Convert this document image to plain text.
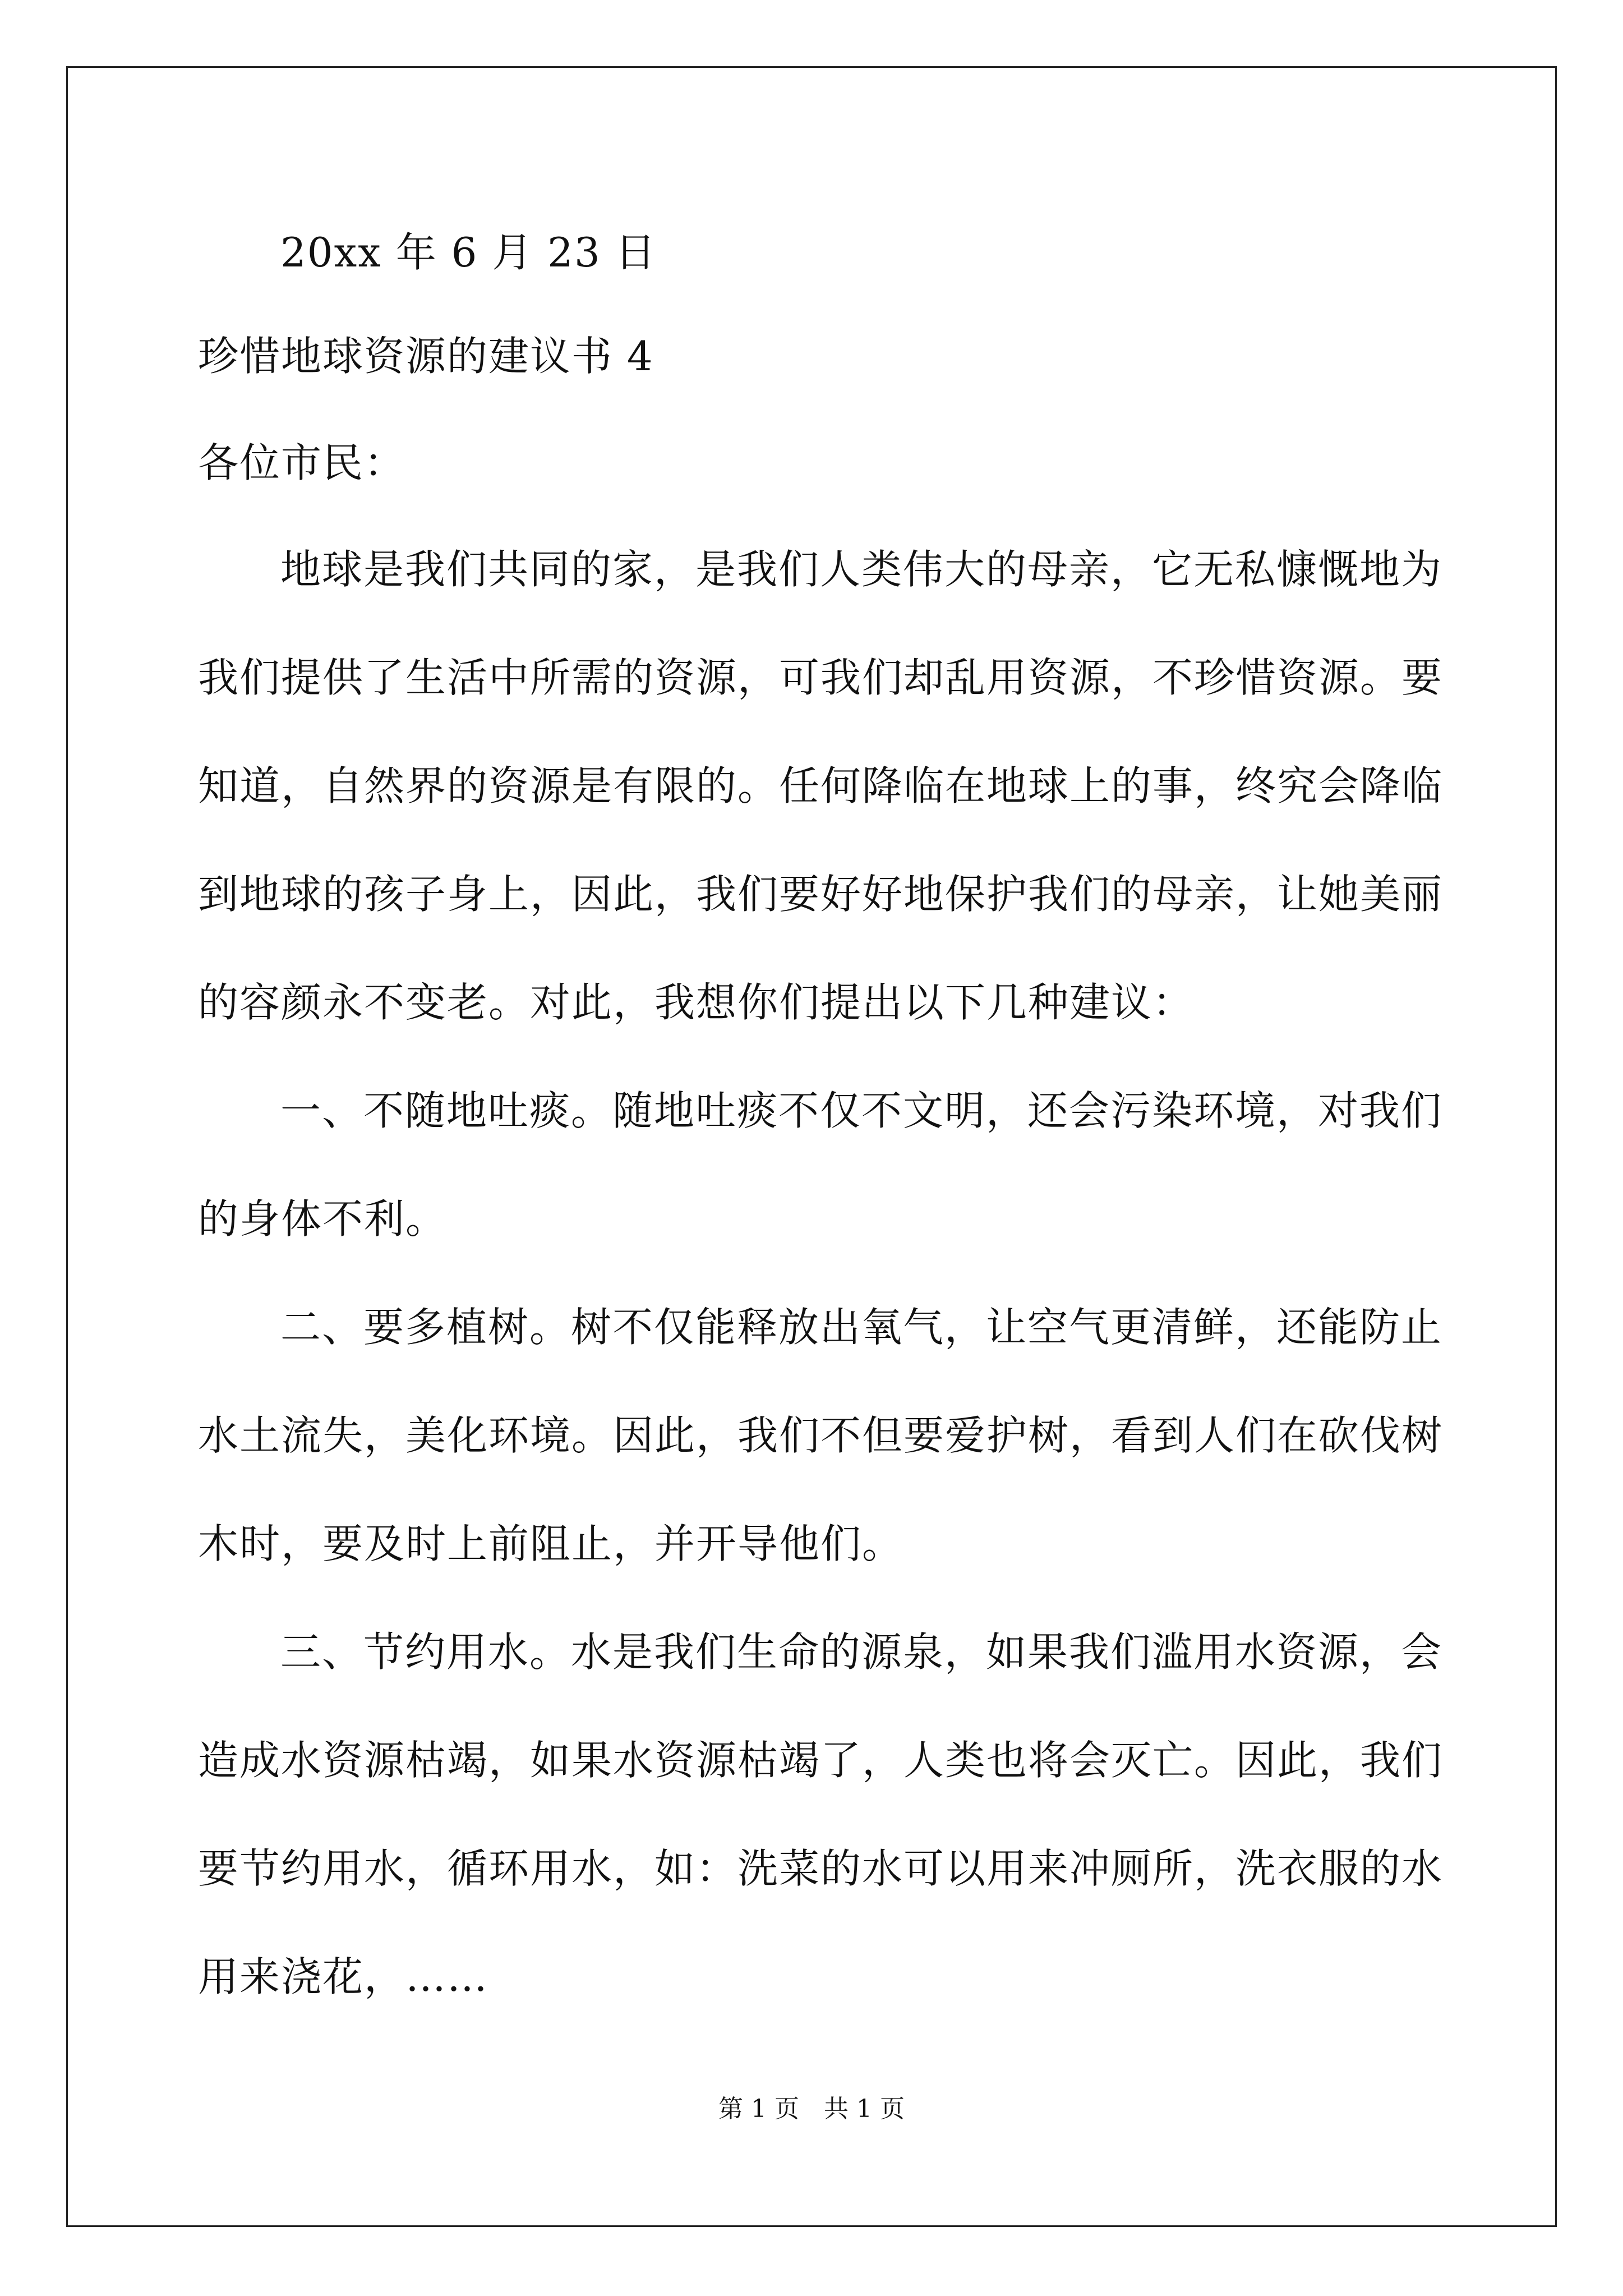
20xx 年 6 月 23 日
珍惜地球资源的建议书 4
各位市民：
地球是我们共同的家，是我们人类伟大的母亲，它无私慷慨地为
我们提供了生活中所需的资源，可我们却乱用资源，不珍惜资源。要
知道，自然界的资源是有限的。任何降临在地球上的事，终究会降临
到地球的孩子身上，因此，我们要好好地保护我们的母亲，让她美丽
的容颜永不变老。对此，我想你们提出以下几种建议：
一、不随地吐痰。随地吐痰不仅不文明，还会污染环境，对我们
的身体不利。
二、要多植树。树不仅能释放出氧气，让空气更清鲜，还能防止
水土流失，美化环境。因此，我们不但要爱护树，看到人们在砍伐树
木时，要及时上前阻止，并开导他们。
三、节约用水。水是我们生命的源泉，如果我们滥用水资源，会
造成水资源枯竭，如果水资源枯竭了，人类也将会灭亡。因此，我们
要节约用水，循环用水，如：洗菜的水可以用来冲厕所，洗衣服的水
用来浇花，……
第 1 页　共 1 页
